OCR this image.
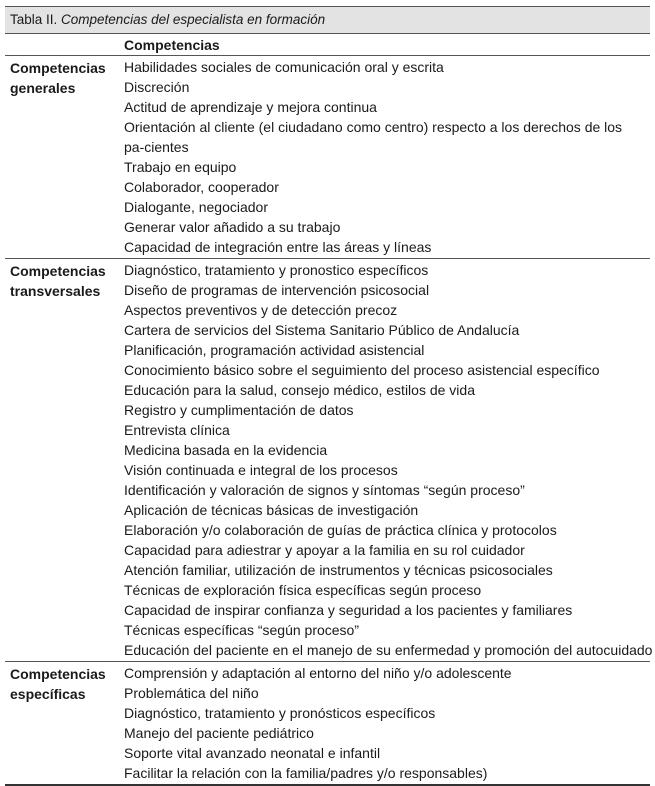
Tabla II. Competencias del especialista en formación
Competencias
Competencias generales
Habilidades sociales de comunicación oral y escrita
Discreción
Actitud de aprendizaje y mejora continua
Orientación al cliente (el ciudadano como centro) respecto a los derechos de los pa-cientes
Trabajo en equipo
Colaborador, cooperador
Dialogante, negociador
Generar valor añadido a su trabajo
Capacidad de integración entre las áreas y líneas
Competencias transversales
Diagnóstico, tratamiento y pronostico específicos
Diseño de programas de intervención psicosocial
Aspectos preventivos y de detección precoz
Cartera de servicios del Sistema Sanitario Público de Andalucía
Planificación, programación actividad asistencial
Conocimiento básico sobre el seguimiento del proceso asistencial específico
Educación para la salud, consejo médico, estilos de vida
Registro y cumplimentación de datos
Entrevista clínica
Medicina basada en la evidencia
Visión continuada e integral de los procesos
Identificación y valoración de signos y síntomas “según proceso”
Aplicación de técnicas básicas de investigación
Elaboración y/o colaboración de guías de práctica clínica y protocolos
Capacidad para adiestrar y apoyar a la familia en su rol cuidador
Atención familiar, utilización de instrumentos y técnicas psicosociales
Técnicas de exploración física específicas según proceso
Capacidad de inspirar confianza y seguridad a los pacientes y familiares
Técnicas específicas “según proceso”
Educación del paciente en el manejo de su enfermedad y promoción del autocuidado
Competencias específicas
Comprensión y adaptación al entorno del niño y/o adolescente
Problemática del niño
Diagnóstico, tratamiento y pronósticos específicos
Manejo del paciente pediátrico
Soporte vital avanzado neonatal e infantil
Facilitar la relación con la familia/padres y/o responsables)
